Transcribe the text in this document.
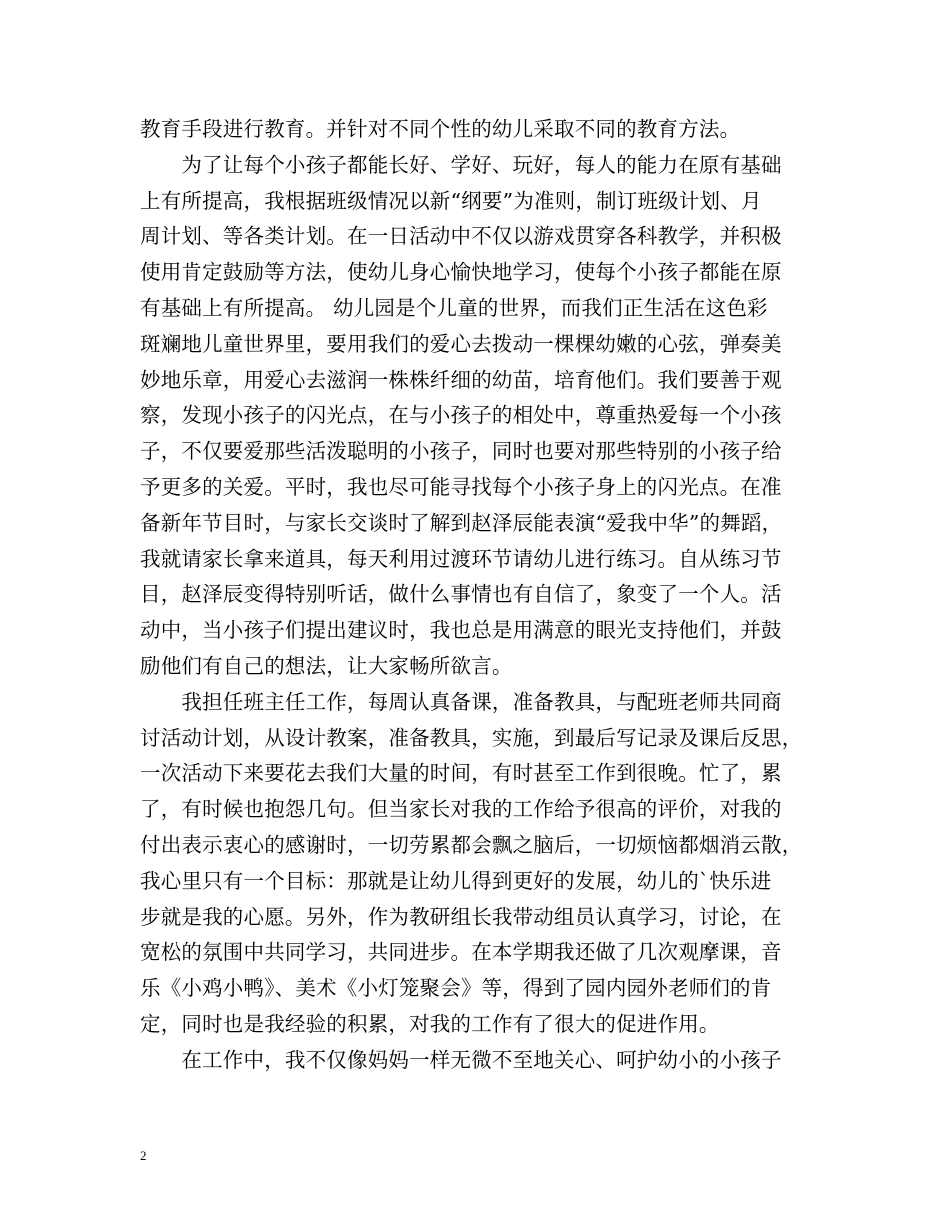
教育手段进行教育。并针对不同个性的幼儿采取不同的教育方法。
　　为了让每个小孩子都能长好、学好、玩好，每人的能力在原有基础
上有所提高，我根据班级情况以新“纲要”为准则，制订班级计划、月
周计划、等各类计划。在一日活动中不仅以游戏贯穿各科教学，并积极
使用肯定鼓励等方法，使幼儿身心愉快地学习，使每个小孩子都能在原
有基础上有所提高。 幼儿园是个儿童的世界，而我们正生活在这色彩
斑斓地儿童世界里，要用我们的爱心去拨动一棵棵幼嫩的心弦，弹奏美
妙地乐章，用爱心去滋润一株株纤细的幼苗，培育他们。我们要善于观
察，发现小孩子的闪光点，在与小孩子的相处中，尊重热爱每一个小孩
子，不仅要爱那些活泼聪明的小孩子，同时也要对那些特别的小孩子给
予更多的关爱。平时，我也尽可能寻找每个小孩子身上的闪光点。在准
备新年节目时，与家长交谈时了解到赵泽辰能表演“爱我中华”的舞蹈，
我就请家长拿来道具，每天利用过渡环节请幼儿进行练习。自从练习节
目，赵泽辰变得特别听话，做什么事情也有自信了，象变了一个人。活
动中，当小孩子们提出建议时，我也总是用满意的眼光支持他们，并鼓
励他们有自己的想法，让大家畅所欲言。
　　我担任班主任工作，每周认真备课，准备教具，与配班老师共同商
讨活动计划，从设计教案，准备教具，实施，到最后写记录及课后反思，
一次活动下来要花去我们大量的时间，有时甚至工作到很晚。忙了，累
了，有时候也抱怨几句。但当家长对我的工作给予很高的评价，对我的
付出表示衷心的感谢时，一切劳累都会飘之脑后，一切烦恼都烟消云散，
我心里只有一个目标：那就是让幼儿得到更好的发展，幼儿的`快乐进
步就是我的心愿。另外，作为教研组长我带动组员认真学习，讨论，在
宽松的氛围中共同学习，共同进步。在本学期我还做了几次观摩课，音
乐《小鸡小鸭》、美术《小灯笼聚会》等，得到了园内园外老师们的肯
定，同时也是我经验的积累，对我的工作有了很大的促进作用。
　　在工作中，我不仅像妈妈一样无微不至地关心、呵护幼小的小孩子
2
